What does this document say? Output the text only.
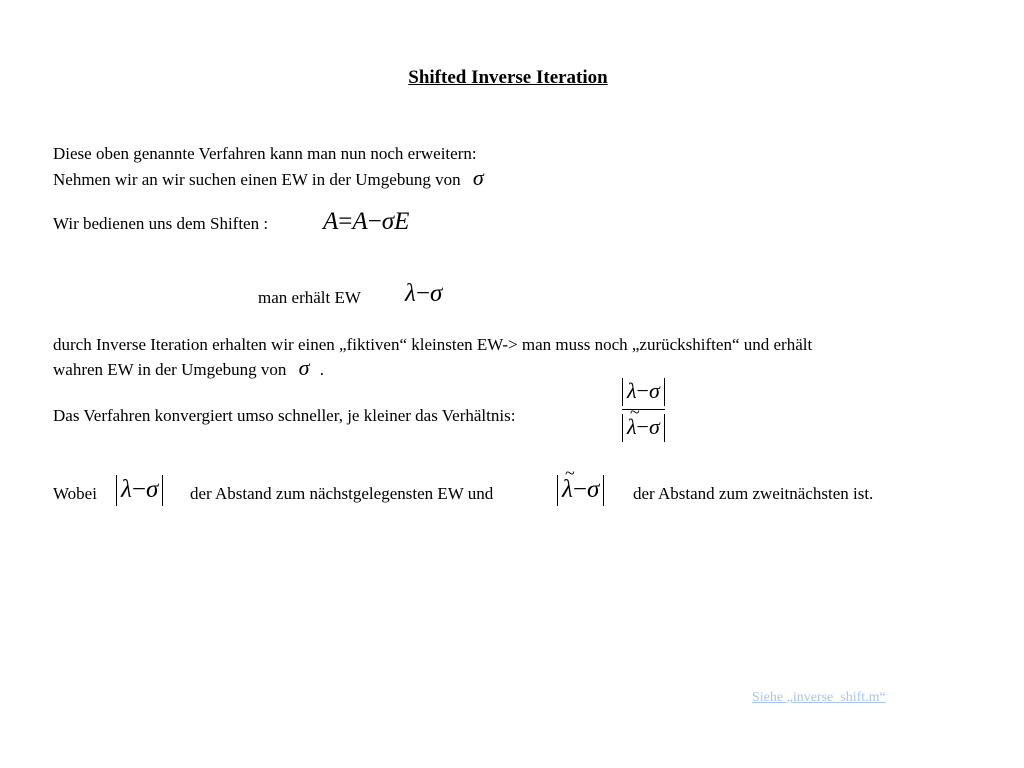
Shifted Inverse Iteration
Diese oben genannte Verfahren kann man nun noch erweitern:
Nehmen wir an wir suchen einen EW in der Umgebung von σ
Wir bedienen uns dem Shiften : A=A−σE
man erhält EW λ−σ
durch Inverse Iteration erhalten wir einen „fiktiven“ kleinsten EW-> man muss noch „zurückshiften“ und erhält
wahren EW in der Umgebung von σ .
Das Verfahren konvergiert umso schneller, je kleiner das Verhältnis:	λ−σ
~ λ−σ
Wobei λ−σ der Abstand zum nächstgelegensten EW und
~	λ−σ der Abstand zum zweitnächsten ist.
Siehe „inverse_shift.m“
